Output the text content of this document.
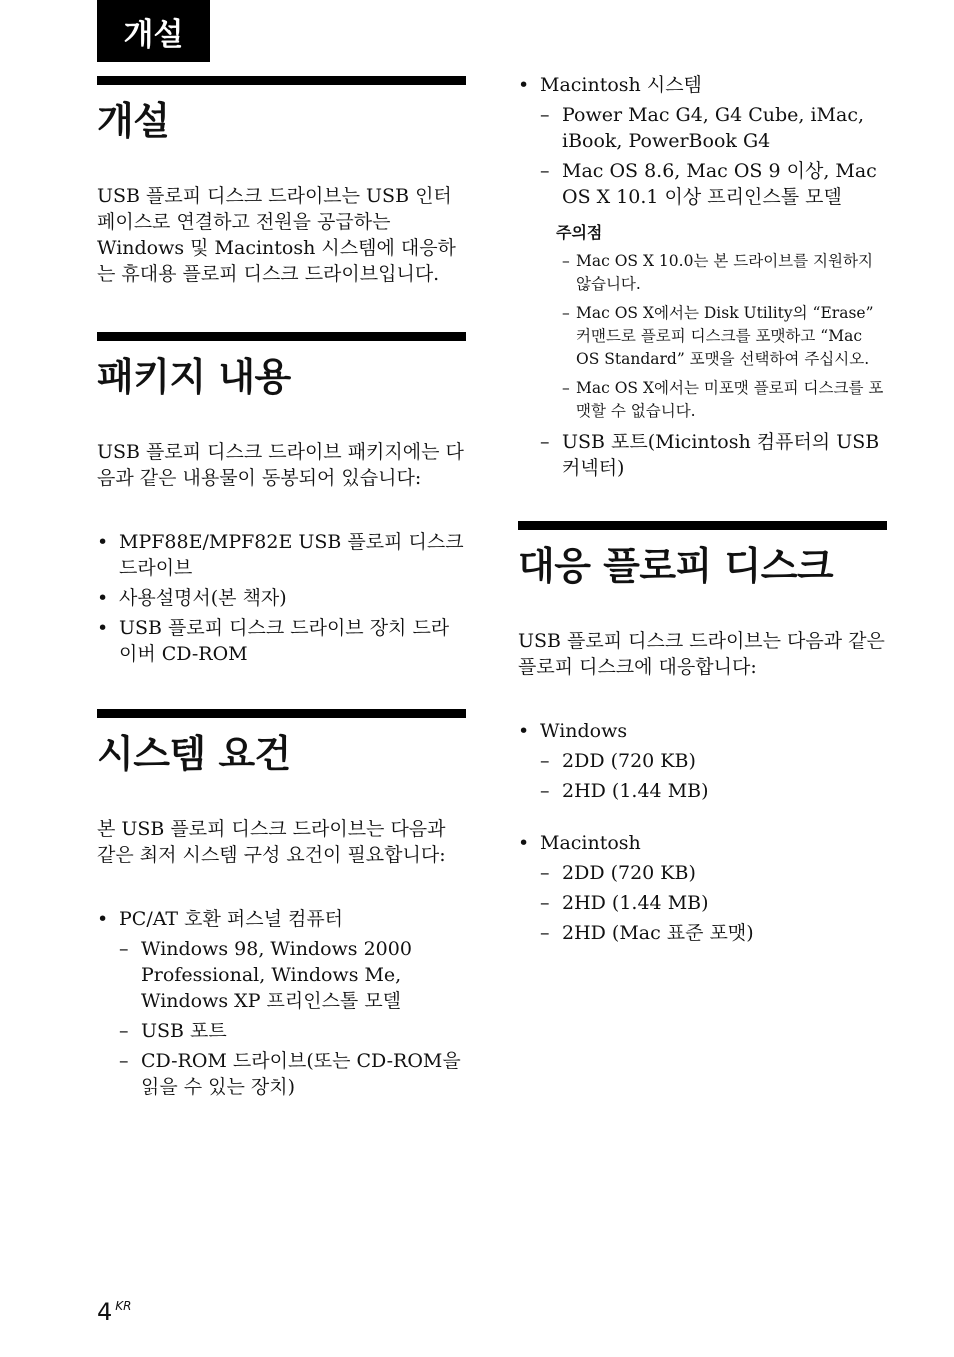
개설
개설

USB 플로피 디스크 드라이브는 USB 인터페이스로 연결하고 전원을 공급하는 Windows 및 Macintosh 시스템에 대응하는 휴대용 플로피 디스크 드라이브입니다.

패키지 내용

USB 플로피 디스크 드라이브 패키지에는 다음과 같은 내용물이 동봉되어 있습니다:

• MPF88E/MPF82E USB 플로피 디스크 드라이브
• 사용설명서(본 책자)
• USB 플로피 디스크 드라이브 장치 드라이버 CD-ROM
시스템 요건

본 USB 플로피 디스크 드라이브는 다음과 같은 최저 시스템 구성 요건이 필요합니다:

• PC/AT 호환 퍼스널 컴퓨터
– Windows 98, Windows 2000 Professional, Windows Me, Windows XP 프리인스톨 모델
– USB 포트
– CD-ROM 드라이브(또는 CD-ROM을 읽을 수 있는 장치)
• Macintosh 시스템
– Power Mac G4, G4 Cube, iMac, iBook, PowerBook G4
– Mac OS 8.6, Mac OS 9 이상, Mac OS X 10.1 이상 프리인스톨 모델
주의점
– Mac OS X 10.0는 본 드라이브를 지원하지 않습니다.
– Mac OS X에서는 Disk Utility의 “Erase” 커맨드로 플로피 디스크를 포맷하고 “Mac OS Standard” 포맷을 선택하여 주십시오.
– Mac OS X에서는 미포맷 플로피 디스크를 포맷할 수 없습니다.
– USB 포트(Micintosh 컴퓨터의 USB 커넥터)
대응 플로피 디스크

USB 플로피 디스크 드라이브는 다음과 같은 플로피 디스크에 대응합니다:

• Windows
– 2DD (720 KB)
– 2HD (1.44 MB)
• Macintosh
– 2DD (720 KB)
– 2HD (1.44 MB)
– 2HD (Mac 표준 포맷)
4 $^{KR}$
